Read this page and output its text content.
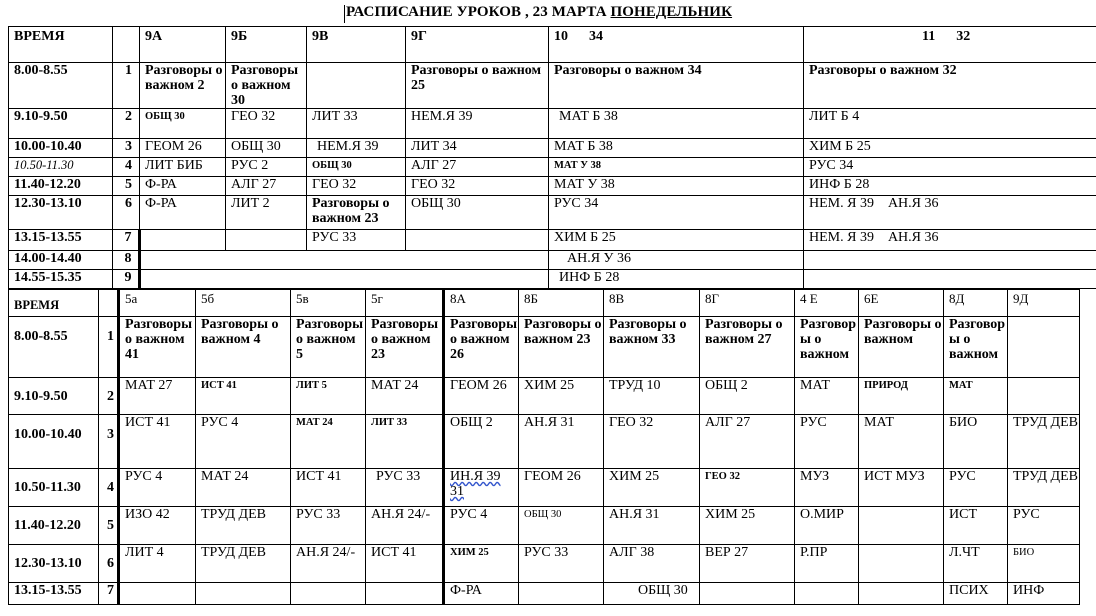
РАСПИСАНИЕ УРОКОВ , 23 МАРТА ПОНЕДЕЛЬНИК
ВРЕМЯ		9А	9Б	9В	9Г	10      34	11      32
8.00-8.55	1	Разговоры о важном 2	Разговоры о важном 30		Разговоры о важном 25	Разговоры о важном 34	Разговоры о важном 32
9.10-9.50	2	ОБЩ 30	ГЕО 32	ЛИТ 33	НЕМ.Я 39	МАТ Б 38	ЛИТ Б 4
10.00-10.40	3	ГЕОМ 26	ОБЩ 30	НЕМ.Я 39	ЛИТ 34	МАТ Б 38	ХИМ Б 25
10.50-11.30	4	ЛИТ БИБ	РУС 2	ОБЩ 30	АЛГ 27	МАТ У 38	РУС 34
11.40-12.20	5	Ф-РА	АЛГ 27	ГЕО 32	ГЕО 32	МАТ У 38	ИНФ Б 28
12.30-13.10	6	Ф-РА	ЛИТ 2	Разговоры о важном 23	ОБЩ 30	РУС 34	НЕМ. Я 39    АН.Я 36
13.15-13.55	7			РУС 33		ХИМ Б 25	НЕМ. Я 39    АН.Я 36
14.00-14.40	8					АН.Я У 36	
14.55-15.35	9					ИНФ Б 28	
ВРЕМЯ		5а	5б	5в	5г	8А	8Б	8В	8Г	4 Е	6Е	8Д	9Д
8.00-8.55	1	Разговоры о важном 41	Разговоры о важном 4	Разговоры о важном 5	Разговоры о важном 23	Разговоры о важном 26	Разговоры о важном 23	Разговоры о важном 33	Разговоры о важном 27	Разговор ы о важном	Разговоры о важном	Разговор ы о важном	
9.10-9.50	2	МАТ 27	ИСТ 41	ЛИТ 5	МАТ 24	ГЕОМ 26	ХИМ 25	ТРУД 10	ОБЩ 2	МАТ	ПРИРОД	МАТ	
10.00-10.40	3	ИСТ 41	РУС 4	МАТ 24	ЛИТ 33	ОБЩ 2	АН.Я 31	ГЕО 32	АЛГ 27	РУС	МАТ	БИО	ТРУД ДЕВ
10.50-11.30	4	РУС 4	МАТ 24	ИСТ 41	РУС 33	ИН.Я 39 31	ГЕОМ 26	ХИМ 25	ГЕО 32	МУЗ	ИСТ МУЗ	РУС	ТРУД ДЕВ
11.40-12.20	5	ИЗО 42	ТРУД ДЕВ	РУС 33	АН.Я 24/-	РУС 4	ОБЩ 30	АН.Я 31	ХИМ 25	О.МИР		ИСТ	РУС
12.30-13.10	6	ЛИТ 4	ТРУД ДЕВ	АН.Я 24/-	ИСТ 41	ХИМ 25	РУС 33	АЛГ 38	ВЕР 27	Р.ПР		Л.ЧТ	БИО
13.15-13.55	7					Ф-РА		ОБЩ 30				ПСИХ	ИНФ
